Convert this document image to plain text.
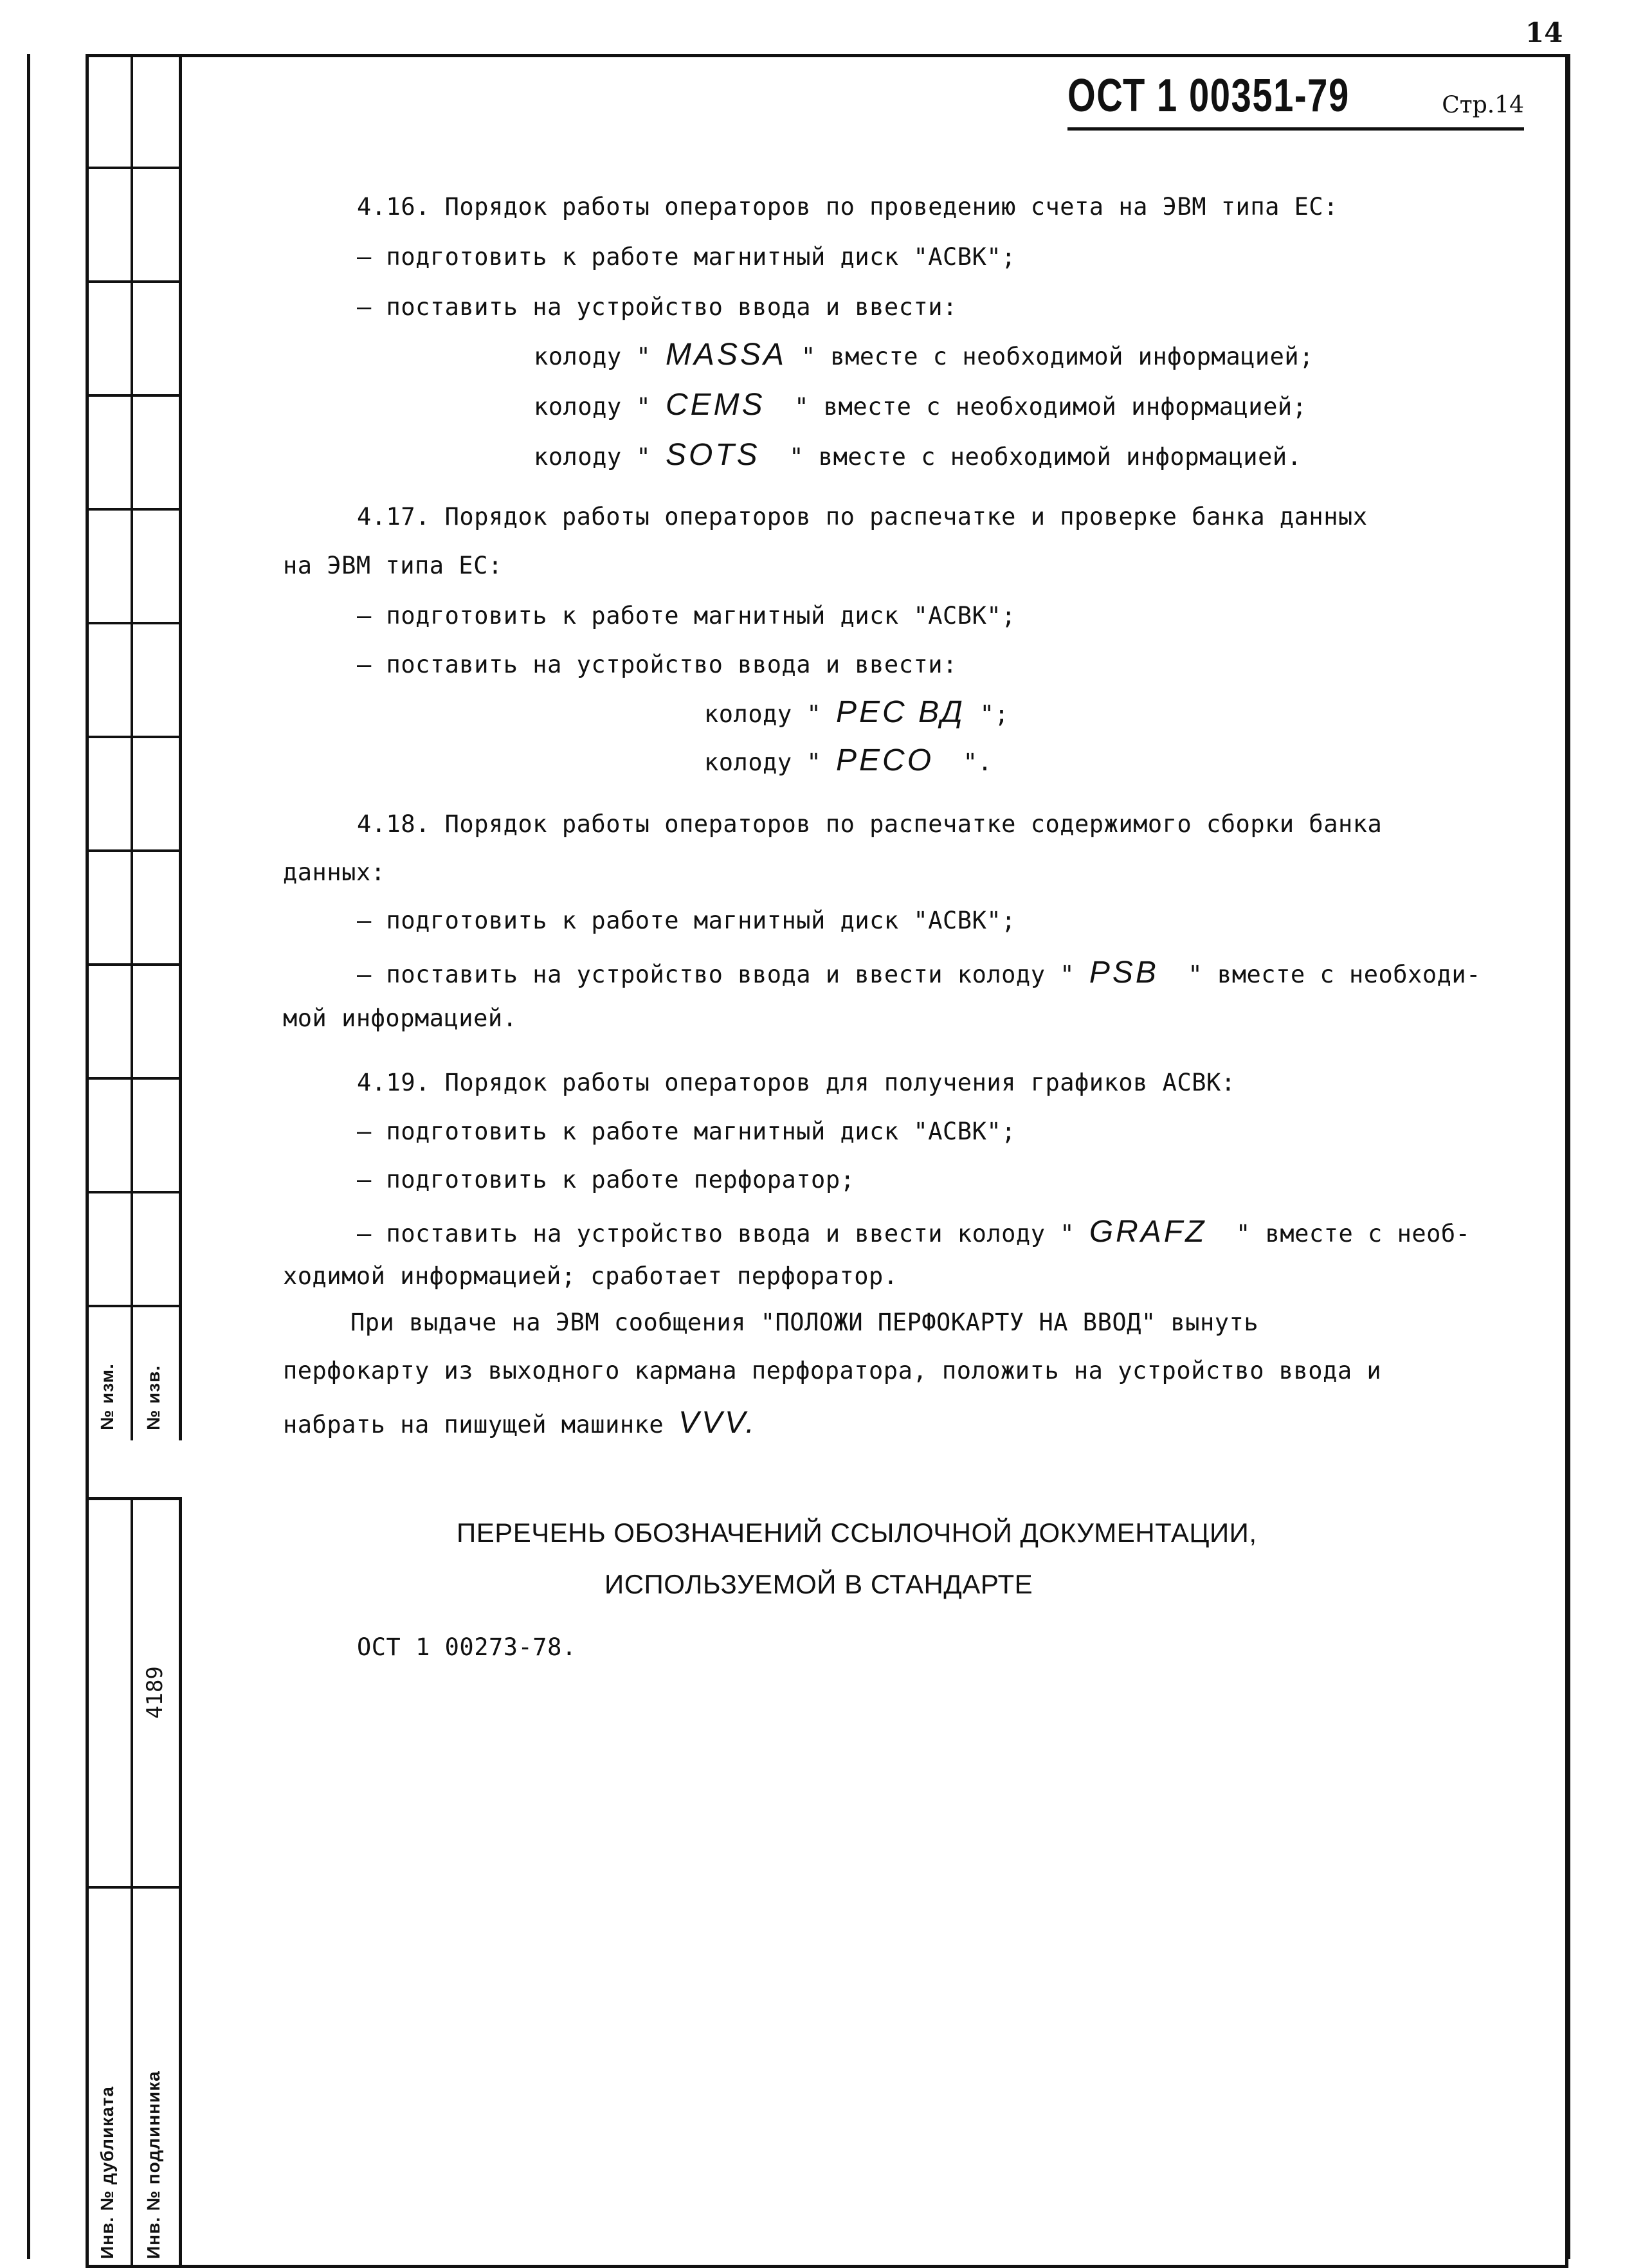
14
№ изм. № изв.
4189
Инв. № дубликата Инв. № подлинника
ОСТ 1 00351-79	Стр.14
4.16. Порядок работы операторов по проведению счета на ЭВМ типа ЕС:
– подготовить к работе магнитный диск "АСВК";
– поставить на устройство ввода и ввести:
колоду " MASSA " вместе с необходимой информацией;
колоду " CEMS " вместе с необходимой информацией;
колоду " SOTS " вместе с необходимой информацией.
4.17. Порядок работы операторов по распечатке и проверке банка данных
на ЭВМ типа ЕС:
– подготовить к работе магнитный диск "АСВК";
– поставить на устройство ввода и ввести:
колоду " PEC ВД ";
колоду " PECO ".
4.18. Порядок работы операторов по распечатке содержимого сборки банка
данных:
– подготовить к работе магнитный диск "АСВК";
– поставить на устройство ввода и ввести колоду " PSB " вместе с необходи-
мой информацией.
4.19. Порядок работы операторов для получения графиков АСВК:
– подготовить к работе магнитный диск "АСВК";
– подготовить к работе перфоратор;
– поставить на устройство ввода и ввести колоду " GRAFZ " вместе с необ-
ходимой информацией; сработает перфоратор.
При выдаче на ЭВМ сообщения "ПОЛОЖИ ПЕРФОКАРТУ НА ВВОД" вынуть
перфокарту из выходного кармана перфоратора, положить на устройство ввода и
набрать на пишущей машинке VVV.
ПЕРЕЧЕНЬ ОБОЗНАЧЕНИЙ ССЫЛОЧНОЙ ДОКУМЕНТАЦИИ,
ИСПОЛЬЗУЕМОЙ В СТАНДАРТЕ
ОСТ 1 00273-78.
